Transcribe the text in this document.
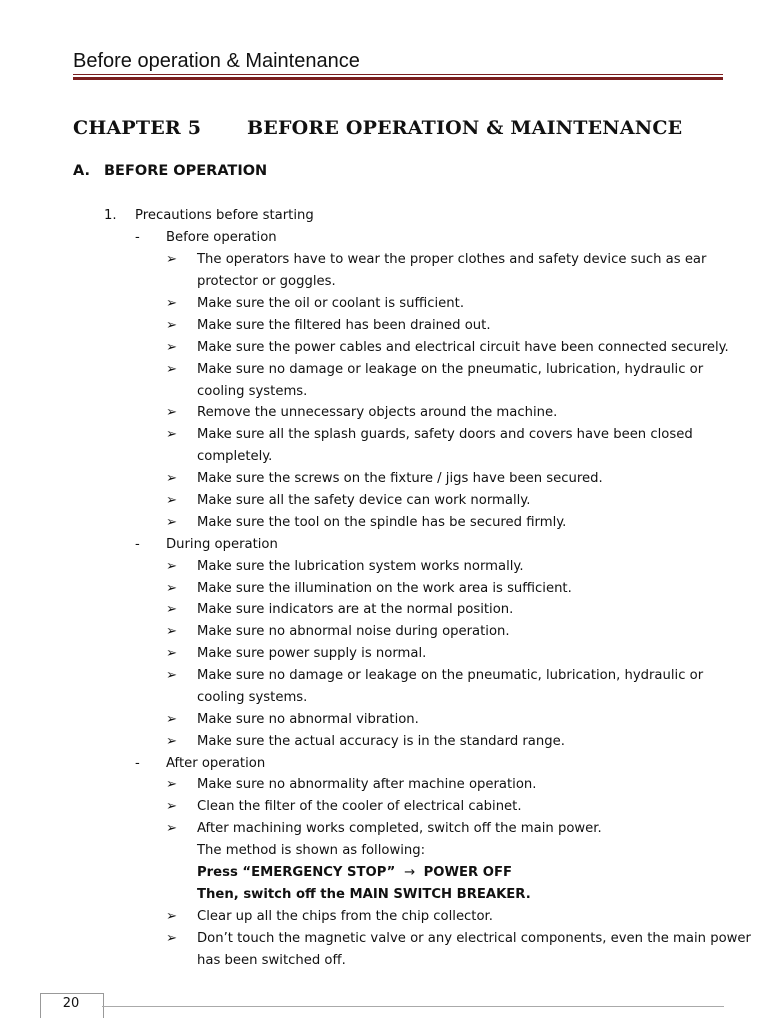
Before operation & Maintenance
CHAPTER 5 BEFORE OPERATION & MAINTENANCE
A. BEFORE OPERATION
1. Precautions before starting
- Before operation
➢ The operators have to wear the proper clothes and safety device such as ear
protector or goggles.
➢ Make sure the oil or coolant is sufficient.
➢ Make sure the filtered has been drained out.
➢ Make sure the power cables and electrical circuit have been connected securely.
➢ Make sure no damage or leakage on the pneumatic, lubrication, hydraulic or
cooling systems.
➢ Remove the unnecessary objects around the machine.
➢ Make sure all the splash guards, safety doors and covers have been closed
completely.
➢ Make sure the screws on the fixture / jigs have been secured.
➢ Make sure all the safety device can work normally.
➢ Make sure the tool on the spindle has be secured firmly.
- During operation
➢ Make sure the lubrication system works normally.
➢ Make sure the illumination on the work area is sufficient.
➢ Make sure indicators are at the normal position.
➢ Make sure no abnormal noise during operation.
➢ Make sure power supply is normal.
➢ Make sure no damage or leakage on the pneumatic, lubrication, hydraulic or
cooling systems.
➢ Make sure no abnormal vibration.
➢ Make sure the actual accuracy is in the standard range.
- After operation
➢ Make sure no abnormality after machine operation.
➢ Clean the filter of the cooler of electrical cabinet.
➢ After machining works completed, switch off the main power.
The method is shown as following:
Press “EMERGENCY STOP” → POWER OFF
Then, switch off the MAIN SWITCH BREAKER.
➢ Clear up all the chips from the chip collector.
➢ Don’t touch the magnetic valve or any electrical components, even the main power
has been switched off.
20
